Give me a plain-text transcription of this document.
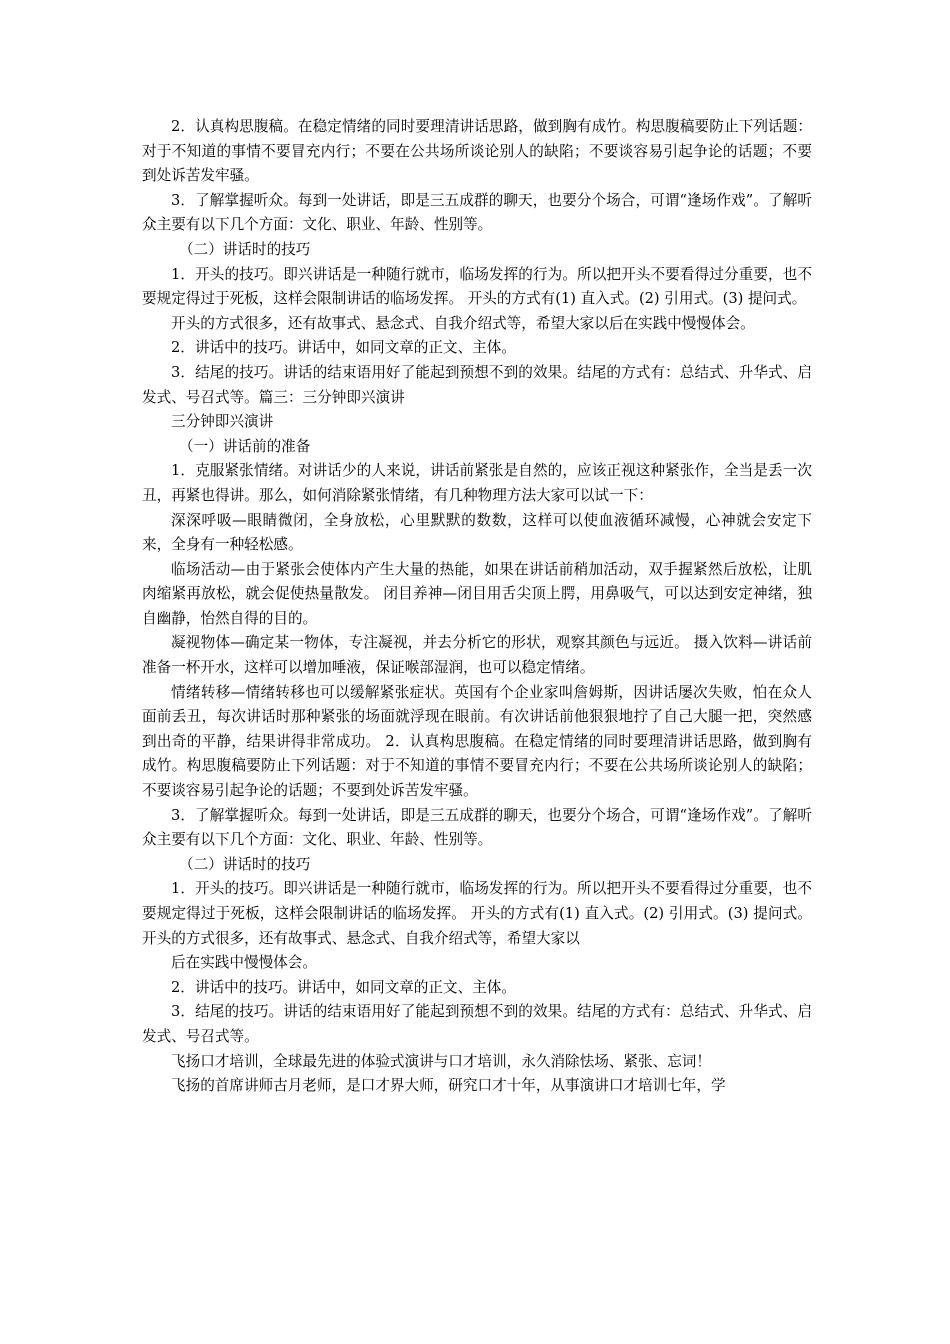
2．认真构思腹稿。在稳定情绪的同时要理清讲话思路，做到胸有成竹。构思腹稿要防止下列话题：对于不知道的事情不要冒充内行；不要在公共场所谈论别人的缺陷；不要谈容易引起争论的话题；不要到处诉苦发牢骚。

3．了解掌握听众。每到一处讲话，即是三五成群的聊天，也要分个场合，可谓“逢场作戏”。了解听众主要有以下几个方面：文化、职业、年龄、性别等。

（二）讲话时的技巧

1．开头的技巧。即兴讲话是一种随行就市，临场发挥的行为。所以把开头不要看得过分重要，也不要规定得过于死板，这样会限制讲话的临场发挥。 开头的方式有(1) 直入式。(2) 引用式。(3) 提问式。

开头的方式很多，还有故事式、悬念式、自我介绍式等，希望大家以后在实践中慢慢体会。

2．讲话中的技巧。讲话中，如同文章的正文、主体。

3．结尾的技巧。讲话的结束语用好了能起到预想不到的效果。结尾的方式有：总结式、升华式、启发式、号召式等。篇三：三分钟即兴演讲

三分钟即兴演讲

（一）讲话前的准备

1．克服紧张情绪。对讲话少的人来说，讲话前紧张是自然的，应该正视这种紧张作，全当是丢一次丑，再紧也得讲。那么，如何消除紧张情绪，有几种物理方法大家可以试一下：

深深呼吸—眼睛微闭，全身放松，心里默默的数数，这样可以使血液循环减慢，心神就会安定下来，全身有一种轻松感。

临场活动—由于紧张会使体内产生大量的热能，如果在讲话前稍加活动，双手握紧然后放松，让肌肉缩紧再放松，就会促使热量散发。 闭目养神—闭目用舌尖顶上腭，用鼻吸气，可以达到安定神绪，独自幽静，怡然自得的目的。

凝视物体—确定某一物体，专注凝视，并去分析它的形状，观察其颜色与远近。 摄入饮料—讲话前准备一杯开水，这样可以增加唾液，保证喉部湿润，也可以稳定情绪。

情绪转移—情绪转移也可以缓解紧张症状。英国有个企业家叫詹姆斯，因讲话屡次失败，怕在众人面前丢丑，每次讲话时那种紧张的场面就浮现在眼前。有次讲话前他狠狠地拧了自己大腿一把，突然感到出奇的平静，结果讲得非常成功。 2．认真构思腹稿。在稳定情绪的同时要理清讲话思路，做到胸有成竹。构思腹稿要防止下列话题：对于不知道的事情不要冒充内行；不要在公共场所谈论别人的缺陷；不要谈容易引起争论的话题；不要到处诉苦发牢骚。

3．了解掌握听众。每到一处讲话，即是三五成群的聊天，也要分个场合，可谓“逢场作戏”。了解听众主要有以下几个方面：文化、职业、年龄、性别等。

（二）讲话时的技巧

1．开头的技巧。即兴讲话是一种随行就市，临场发挥的行为。所以把开头不要看得过分重要，也不要规定得过于死板，这样会限制讲话的临场发挥。 开头的方式有(1) 直入式。(2) 引用式。(3) 提问式。 开头的方式很多，还有故事式、悬念式、自我介绍式等，希望大家以

后在实践中慢慢体会。

2．讲话中的技巧。讲话中，如同文章的正文、主体。

3．结尾的技巧。讲话的结束语用好了能起到预想不到的效果。结尾的方式有：总结式、升华式、启发式、号召式等。

飞扬口才培训，全球最先进的体验式演讲与口才培训，永久消除怯场、紧张、忘词！

飞扬的首席讲师古月老师，是口才界大师，研究口才十年，从事演讲口才培训七年，学
